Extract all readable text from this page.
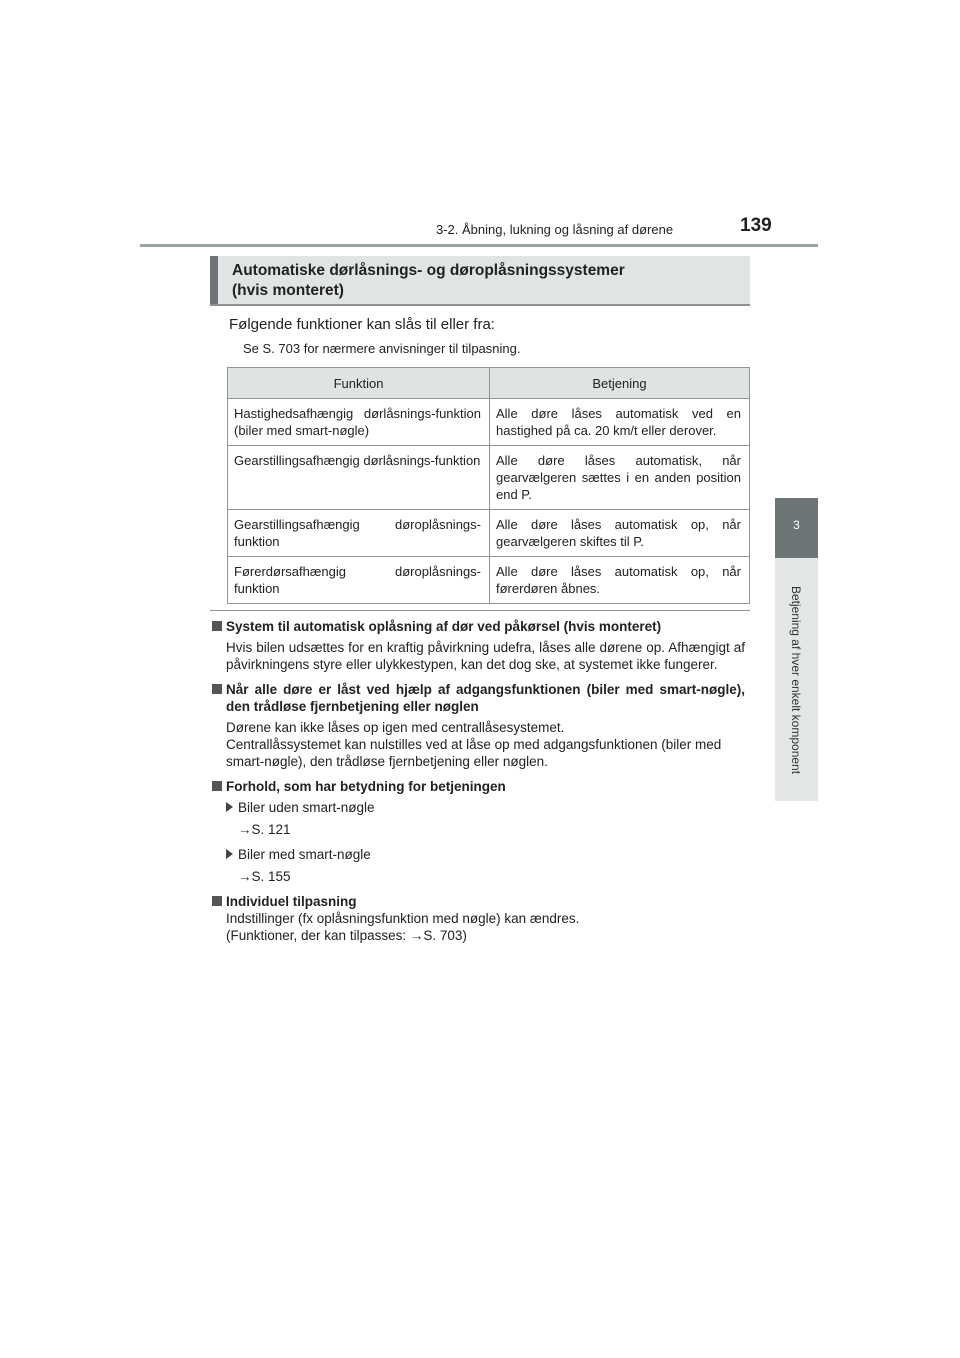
3-2. Åbning, lukning og låsning af dørene	139
3
Betjening af hver enkelt komponent
Automatiske dørlåsnings- og døroplåsningssystemer
(hvis monteret)
Følgende funktioner kan slås til eller fra:
Se S. 703 for nærmere anvisninger til tilpasning.
Funktion	Betjening
Hastighedsafhængig dørlåsnings-funktion (biler med smart-nøgle)	Alle døre låses automatisk ved en hastighed på ca. 20 km/t eller derover.
Gearstillingsafhængig dørlåsnings-funktion	Alle døre låses automatisk, når gearvælgeren sættes i en anden position end P.
Gearstillingsafhængig døroplåsnings-funktion	Alle døre låses automatisk op, når gearvælgeren skiftes til P.
Førerdørsafhængig døroplåsnings-funktion	Alle døre låses automatisk op, når førerdøren åbnes.
System til automatisk oplåsning af dør ved påkørsel (hvis monteret)
Hvis bilen udsættes for en kraftig påvirkning udefra, låses alle dørene op. Afhængigt af påvirkningens styre eller ulykkestypen, kan det dog ske, at systemet ikke fungerer.
Når alle døre er låst ved hjælp af adgangsfunktionen (biler med smart-nøgle), den trådløse fjernbetjening eller nøglen
Dørene kan ikke låses op igen med centrallåsesystemet.
Centrallåssystemet kan nulstilles ved at låse op med adgangsfunktionen (biler med smart-nøgle), den trådløse fjernbetjening eller nøglen.
Forhold, som har betydning for betjeningen
Biler uden smart-nøgle
→S. 121
Biler med smart-nøgle
→S. 155
Individuel tilpasning
Indstillinger (fx oplåsningsfunktion med nøgle) kan ændres.
(Funktioner, der kan tilpasses: →S. 703)
